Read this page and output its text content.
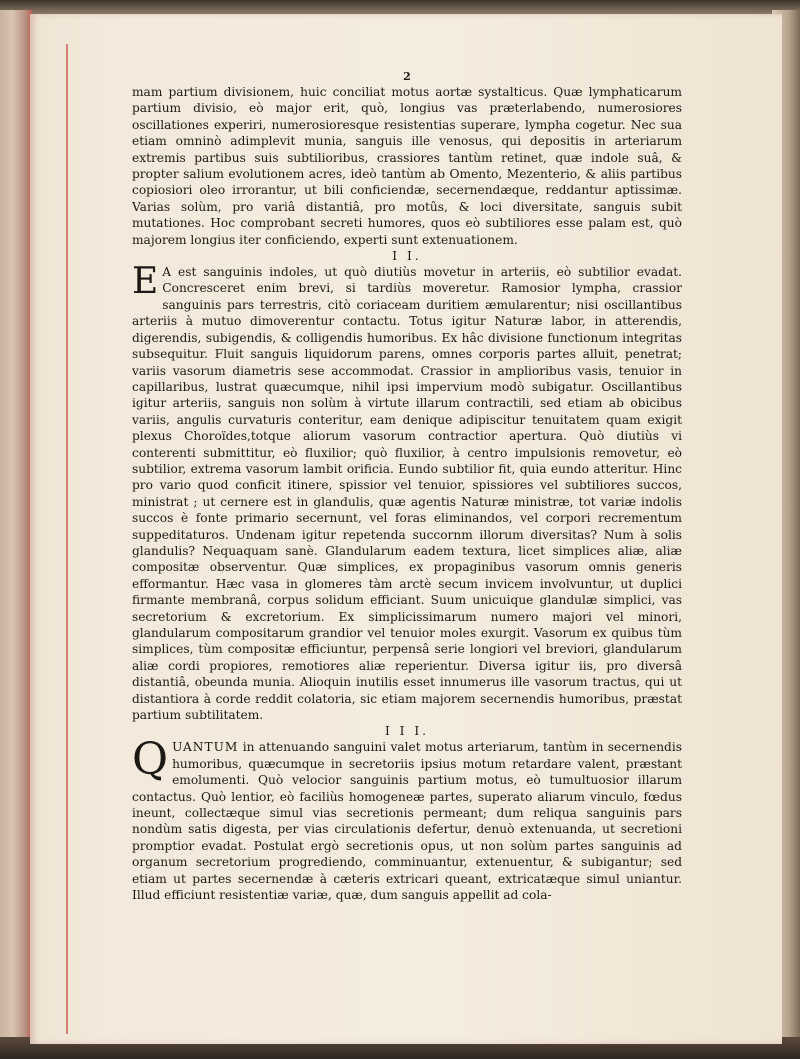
2

mam partium divisionem, huic conciliat motus aortæ systalticus. Quæ lymphaticarum partium divisio, eò major erit, quò, longius vas præterlabendo, numerosiores oscillationes experiri, numerosioresque resistentias superare, lympha cogetur. Nec sua etiam omninò adimplevit munia, sanguis ille venosus, qui depositis in arteriarum extremis partibus suis subtilioribus, crassiores tantùm retinet, quæ indole suâ, & propter salium evolutionem acres, ideò tantùm ab Omento, Mezenterio, & aliis partibus copiosiori oleo irrorantur, ut bili conficiendæ, secernendæque, reddantur aptissimæ. Varias solùm, pro variâ distantiâ, pro motûs, & loci diversitate, sanguis subit mutationes. Hoc comprobant secreti humores, quos eò subtiliores esse palam est, quò majorem longius iter conficiendo, experti sunt extenuationem.

I I.

E A est sanguinis indoles, ut quò diutiùs movetur in arteriis, eò subtilior evadat. Concresceret enim brevi, si tardiùs moveretur. Ramosior lympha, crassior sanguinis pars terrestris, citò coriaceam duritiem æmularentur; nisi oscillantibus arteriis à mutuo dimoverentur contactu. Totus igitur Naturæ labor, in atterendis, digerendis, subigendis, & colligendis humoribus. Ex hâc divisione functionum integritas subsequitur. Fluit sanguis liquidorum parens, omnes corporis partes alluit, penetrat; variis vasorum diametris sese accommodat. Crassior in amplioribus vasis, tenuior in capillaribus, lustrat quæcumque, nihil ipsi impervium modò subigatur. Oscillantibus igitur arteriis, sanguis non solùm à virtute illarum contractili, sed etiam ab obicibus variis, angulis curvaturis conteritur, eam denique adipiscitur tenuitatem quam exigit plexus Choroïdes,totque aliorum vasorum contractior apertura. Quò diutiùs vi conterenti submittitur, eò fluxilior; quò fluxilior, à centro impulsionis removetur, eò subtilior, extrema vasorum lambit orificia. Eundo subtilior fit, quia eundo atteritur. Hinc pro vario quod conficit itinere, spissior vel tenuior, spissiores vel subtiliores succos, ministrat ; ut cernere est in glandulis, quæ agentis Naturæ ministræ, tot variæ indolis succos è fonte primario secernunt, vel foras eliminandos, vel corpori recrementum suppeditaturos. Undenam igitur repetenda succornm illorum diversitas? Num à solis glandulis? Nequaquam sanè. Glandularum eadem textura, licet simplices aliæ, aliæ compositæ observentur. Quæ simplices, ex propaginibus vasorum omnis generis efformantur. Hæc vasa in glomeres tàm arctè secum invicem involvuntur, ut duplici firmante membranâ, corpus solidum efficiant. Suum unicuique glandulæ simplici, vas secretorium & excretorium. Ex simplicissimarum numero majori vel minori, glandularum compositarum grandior vel tenuior moles exurgit. Vasorum ex quibus tùm simplices, tùm compositæ efficiuntur, perpensâ serie longiori vel breviori, glandularum aliæ cordi propiores, remotiores aliæ reperientur. Diversa igitur iis, pro diversâ distantiâ, obeunda munia. Alioquin inutilis esset innumerus ille vasorum tractus, qui ut distantiora à corde reddit colatoria, sic etiam majorem secernendis humoribus, præstat partium subtilitatem.

I I I.

QUANTUM in attenuando sanguini valet motus arteriarum, tantùm in secernendis humoribus, quæcumque in secretoriis ipsius motum retardare valent, præstant emolumenti. Quò velocior sanguinis partium motus, eò tumultuosior illarum contactus. Quò lentior, eò faciliùs homogeneæ partes, superato aliarum vinculo, fœdus ineunt, collectæque simul vias secretionis permeant; dum reliqua sanguinis pars nondùm satis digesta, per vias circulationis defertur, denuò extenuanda, ut secretioni promptior evadat. Postulat ergò secretionis opus, ut non solùm partes sanguinis ad organum secretorium progrediendo, comminuantur, extenuentur, & subigantur; sed etiam ut partes secernendæ à cæteris extricari queant, extricatæque simul uniantur. Illud efficiunt resistentiæ variæ, quæ, dum sanguis appellit ad cola-
